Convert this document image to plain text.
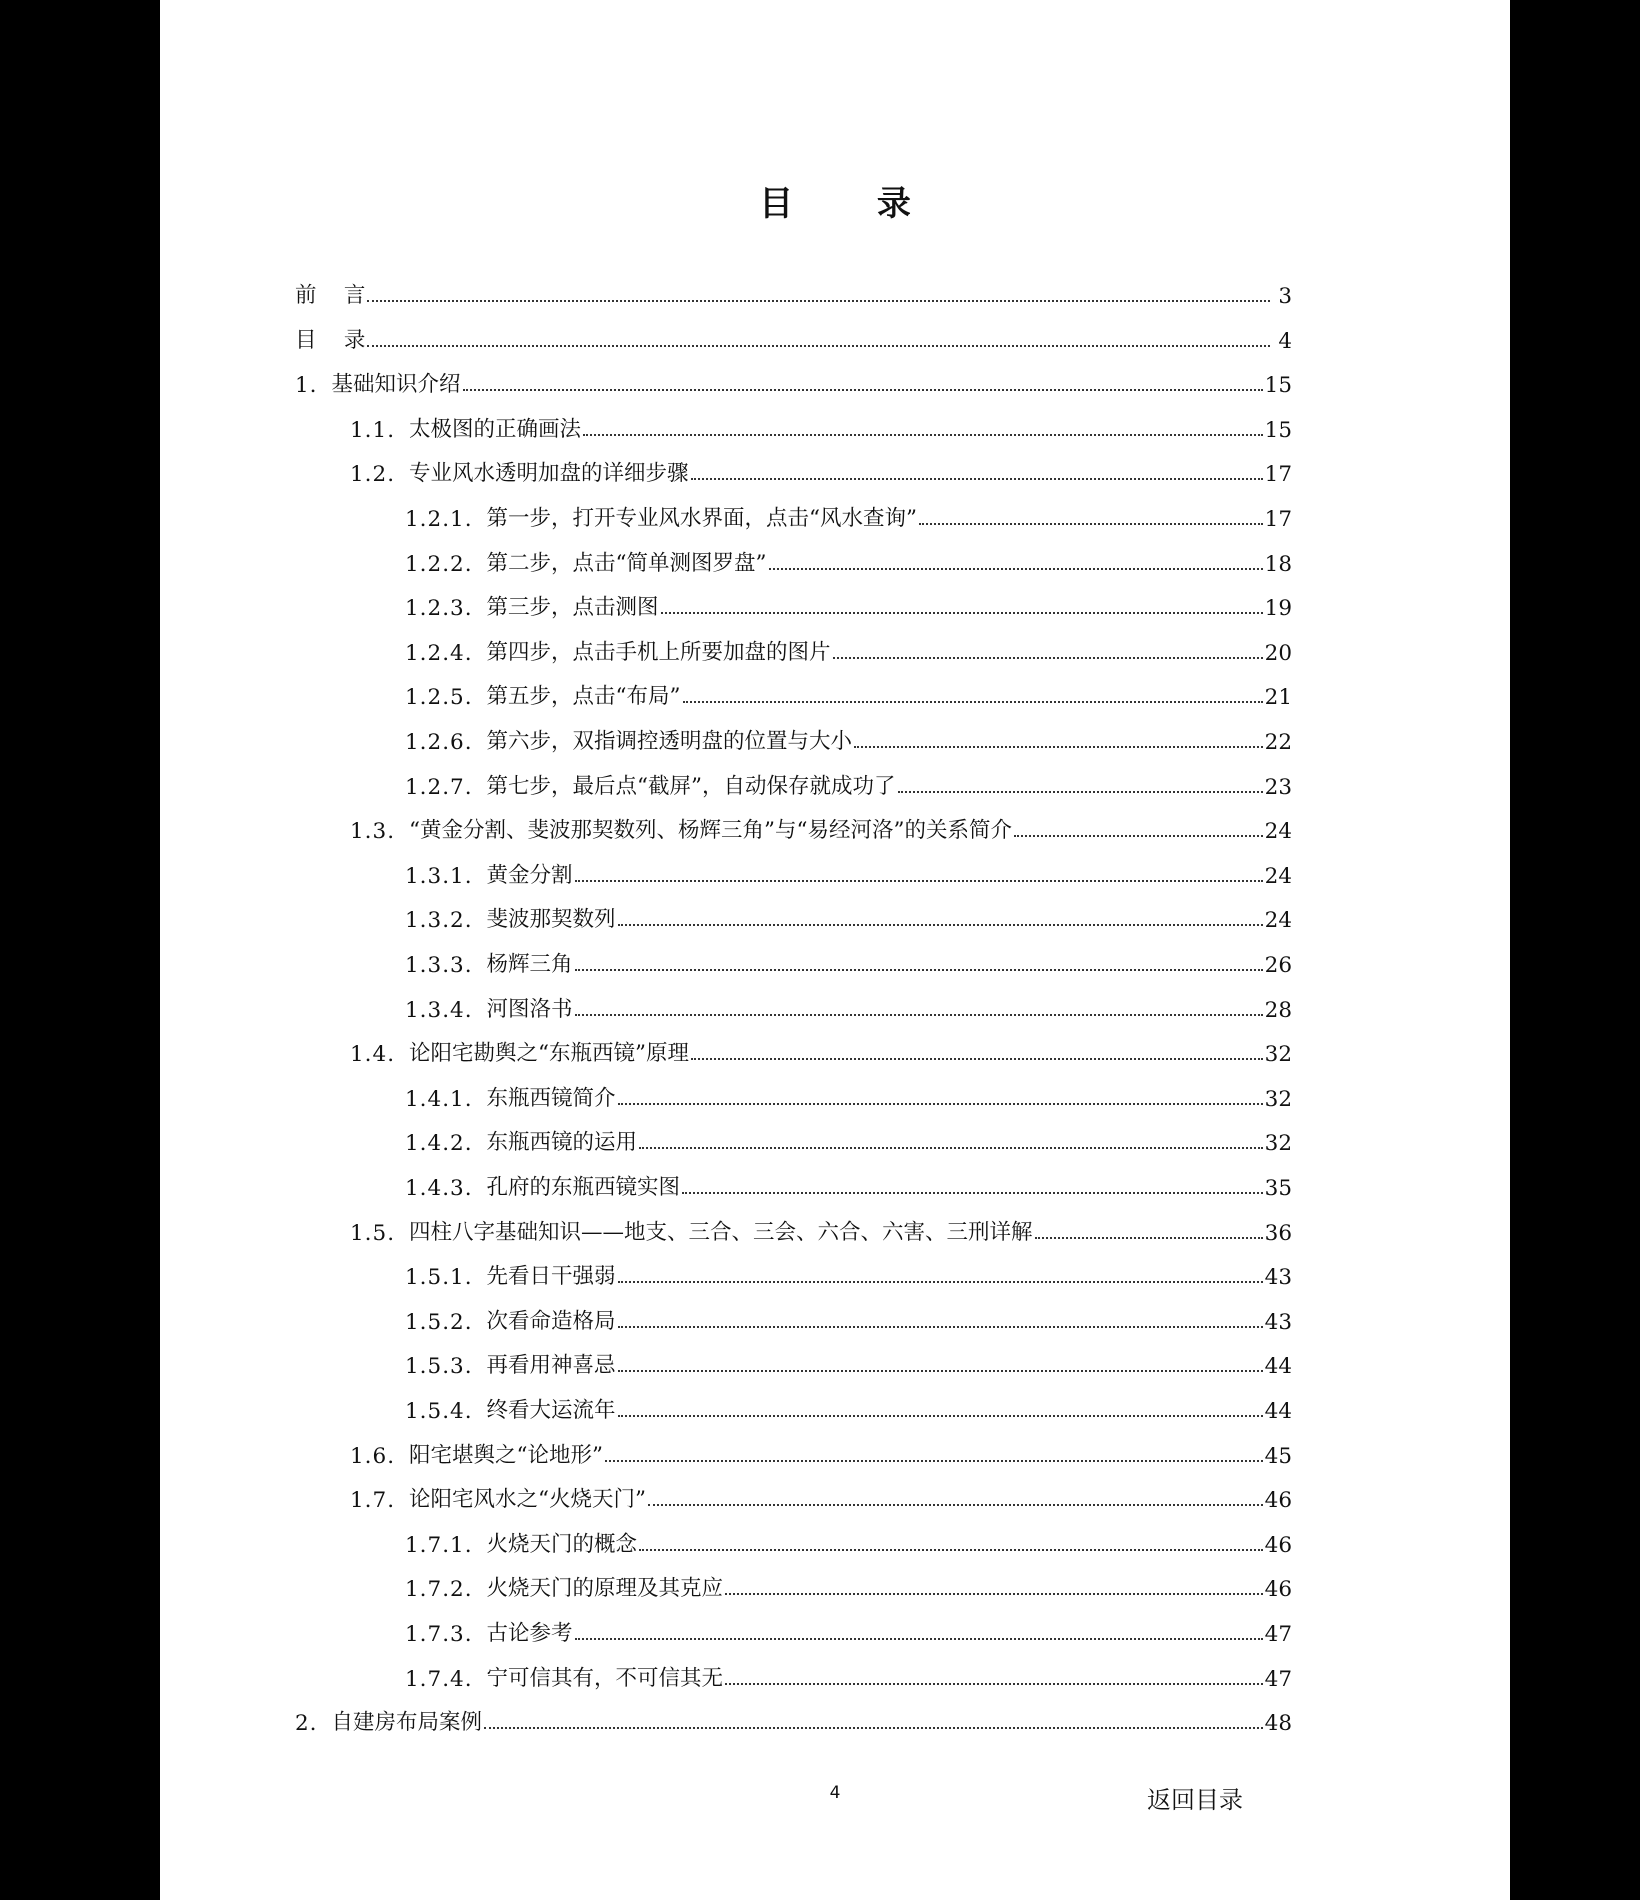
目 录
前    言	3
目    录	4
1. 基础知识介绍	15
1.1. 太极图的正确画法	15
1.2. 专业风水透明加盘的详细步骤	17
1.2.1. 第一步，打开专业风水界面，点击“风水查询”	17
1.2.2. 第二步，点击“简单测图罗盘”	18
1.2.3. 第三步，点击测图	19
1.2.4. 第四步，点击手机上所要加盘的图片	20
1.2.5. 第五步，点击“布局”	21
1.2.6. 第六步，双指调控透明盘的位置与大小	22
1.2.7. 第七步，最后点“截屏”，自动保存就成功了	23
1.3. “黄金分割、斐波那契数列、杨辉三角”与“易经河洛”的关系简介	24
1.3.1. 黄金分割	24
1.3.2. 斐波那契数列	24
1.3.3. 杨辉三角	26
1.3.4. 河图洛书	28
1.4. 论阳宅勘舆之“东瓶西镜”原理	32
1.4.1. 东瓶西镜简介	32
1.4.2. 东瓶西镜的运用	32
1.4.3. 孔府的东瓶西镜实图	35
1.5. 四柱八字基础知识——地支、三合、三会、六合、六害、三刑详解	36
1.5.1. 先看日干强弱	43
1.5.2. 次看命造格局	43
1.5.3. 再看用神喜忌	44
1.5.4. 终看大运流年	44
1.6. 阳宅堪舆之“论地形”	45
1.7. 论阳宅风水之“火烧天门”	46
1.7.1. 火烧天门的概念	46
1.7.2. 火烧天门的原理及其克应	46
1.7.3. 古论参考	47
1.7.4. 宁可信其有，不可信其无	47
2. 自建房布局案例	48
4	返回目录
